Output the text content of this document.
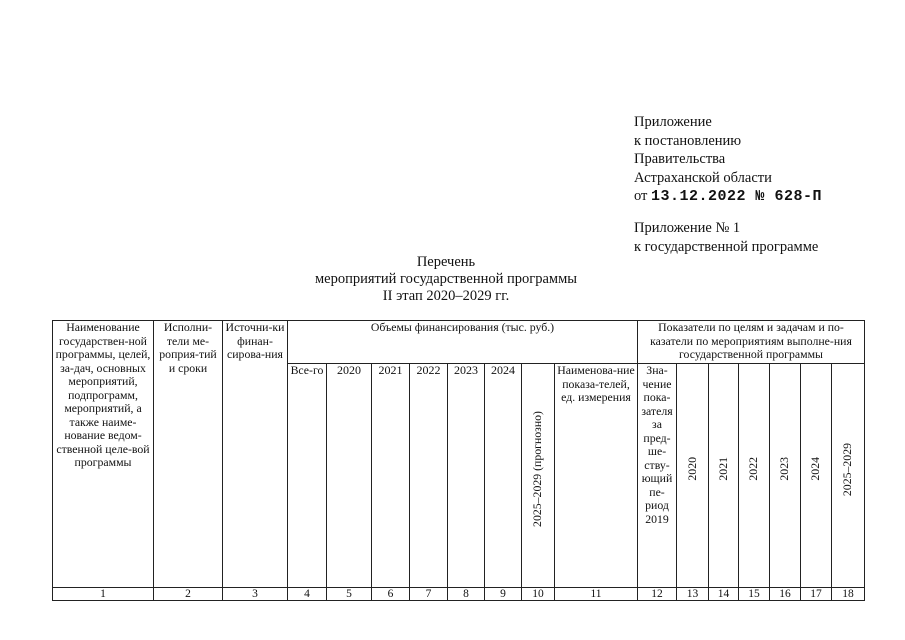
Приложение
к постановлению
Правительства
Астраханской области
от 13.12.2022 № 628-П
Приложение № 1
к государственной программе
Перечень
мероприятий государственной программы
II этап 2020–2029 гг.
Наименование государствен-ной программы, целей, за-дач, основных мероприятий, подпрограмм, мероприятий, а также наиме-нование ведом-ственной целе-вой программы	Исполни-тели ме-роприя-тий и сроки	Источни-ки финан-сирова-ния	Объемы финансирования (тыс. руб.)								Показатели по целям и задачам и по-казатели по мероприятиям выполне-ния государственной программы						
			Все-го	2020	2021	2022	2023	2024	2025–2029 (прогнозно)	Наименова-ние показа-телей, ед. измерения	Зна-чение пока-зателя за пред-ше-ству-ющий пе-риод 2019	2020	2021	2022	2023	2024	2025–2029

1	2	3	4	5	6	7	8	9	10	11	12	13	14	15	16	17	18
